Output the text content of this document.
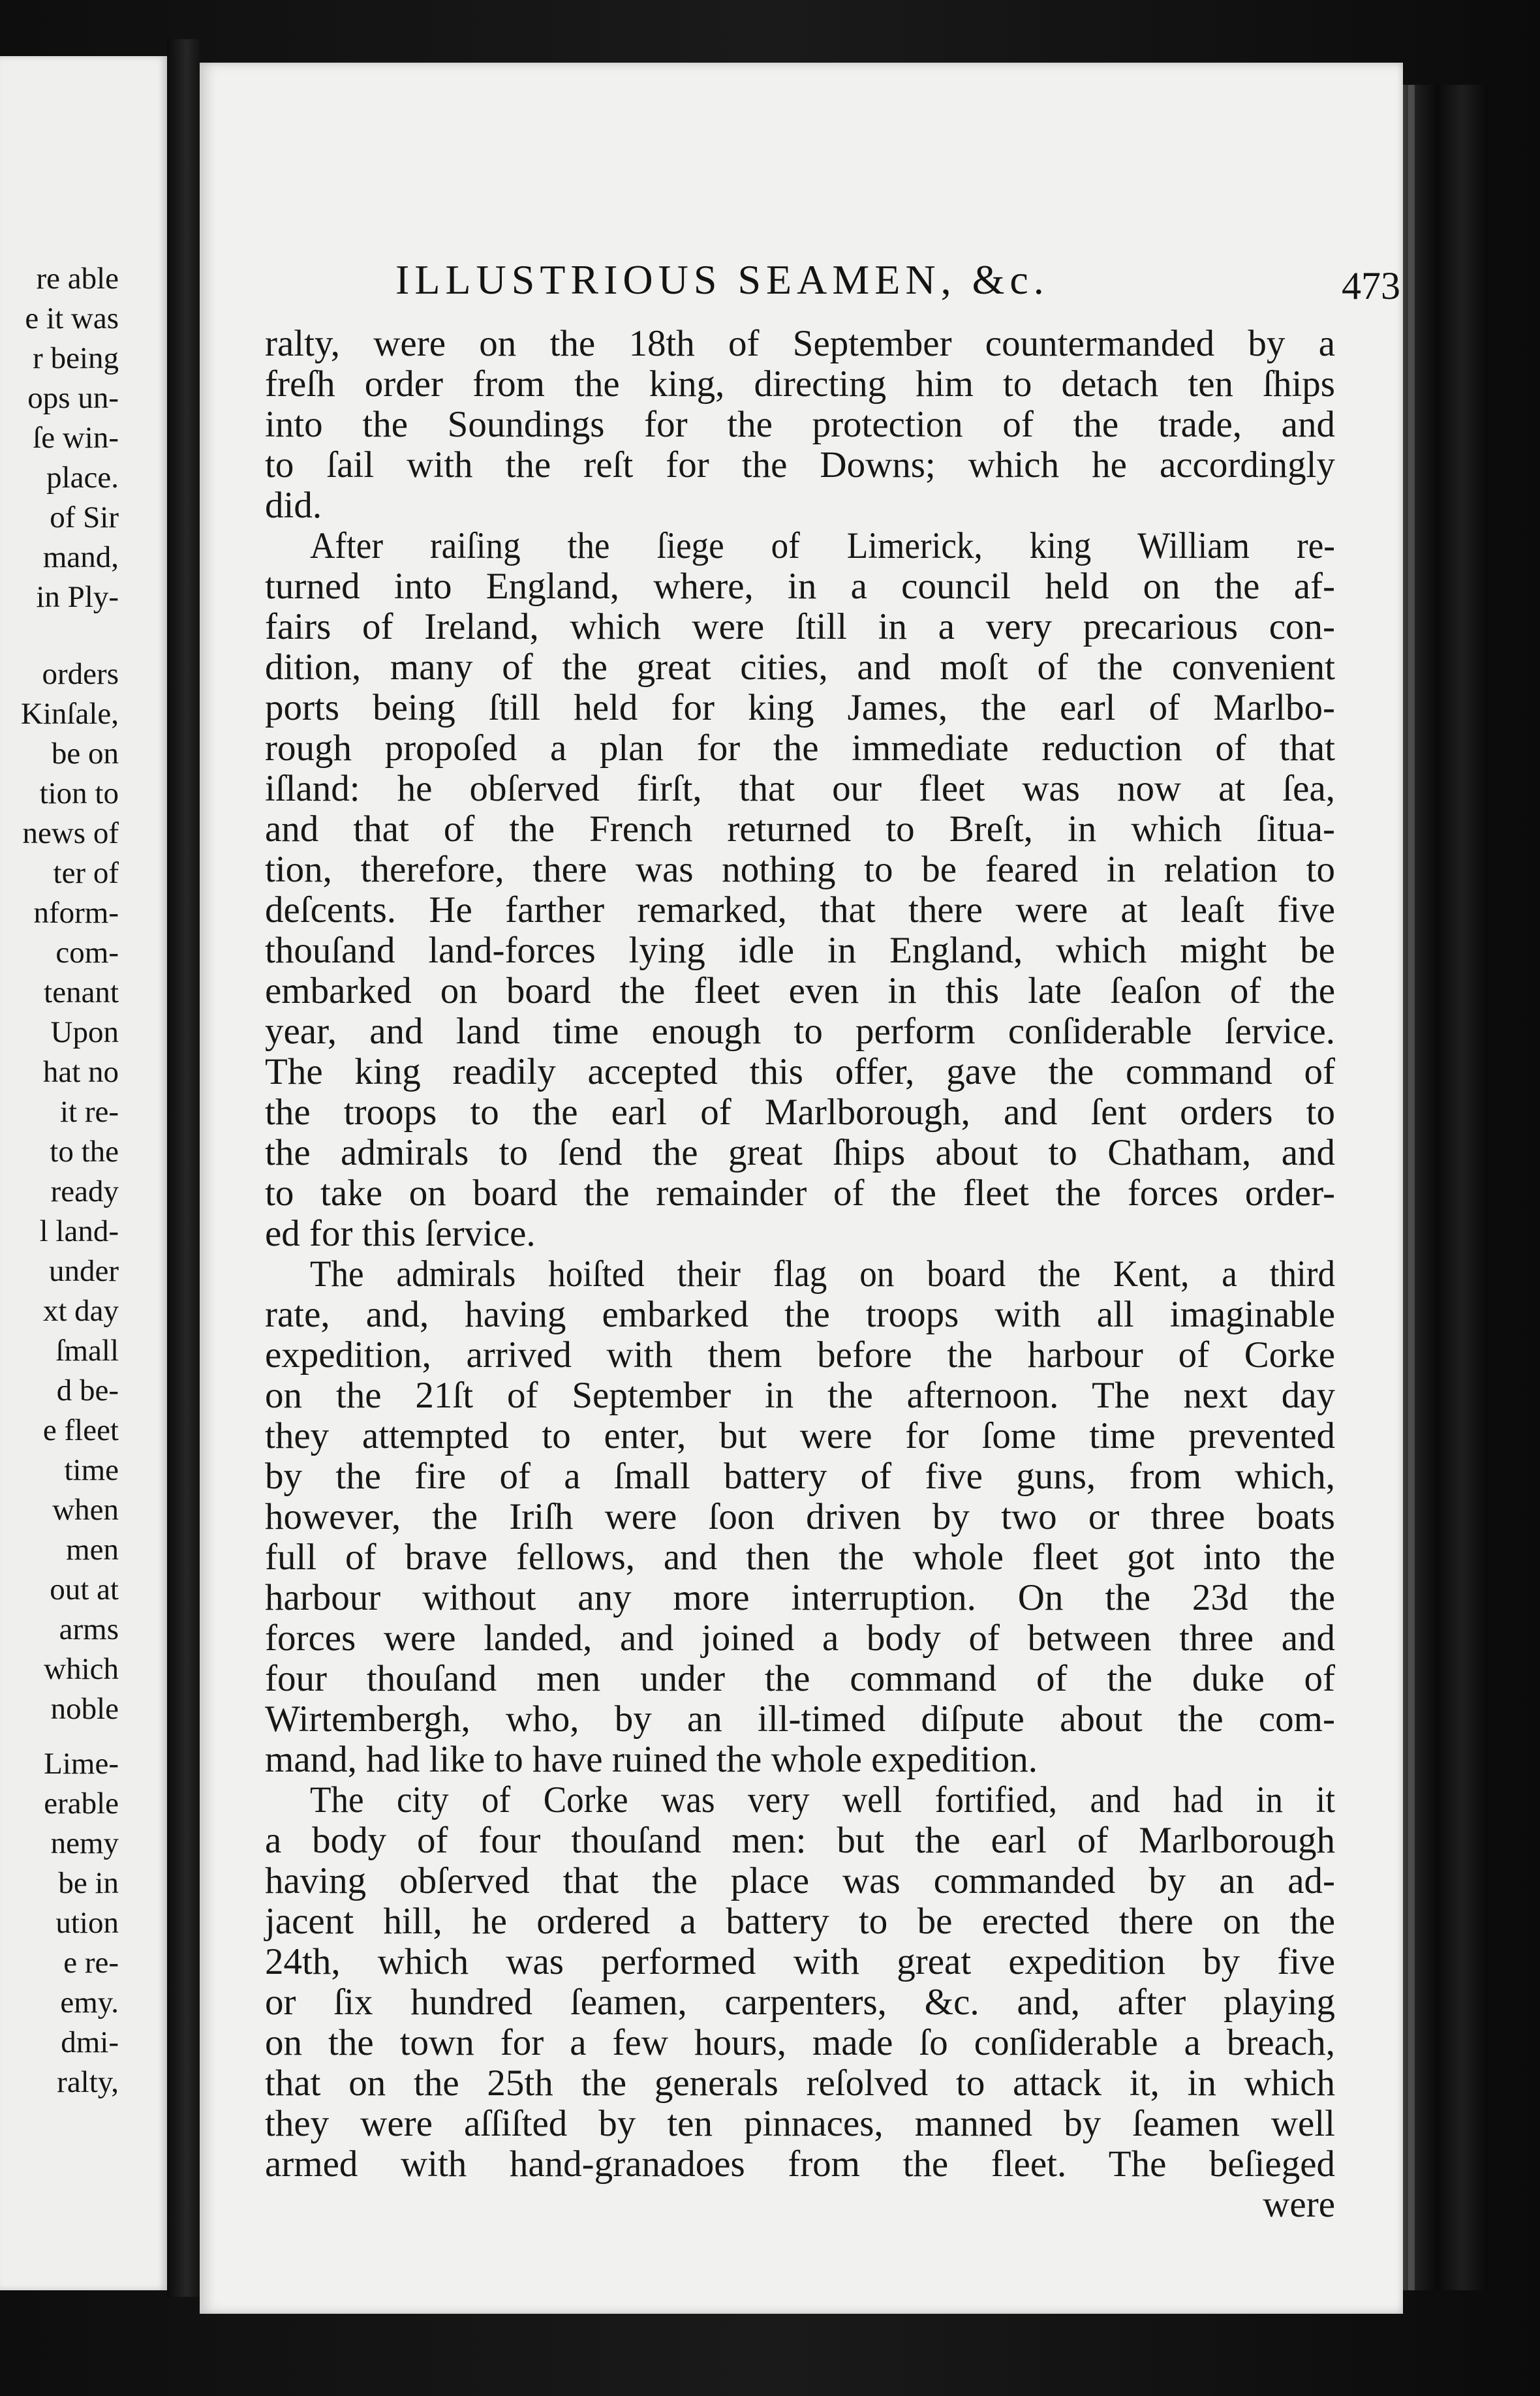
re able
e it was
r being
ops un-
ſe win-
place.
of Sir
mand,
in Ply-
orders
Kinſale,
be on
tion to
news of
ter of
nform-
com-
tenant
Upon
hat no
it re-
to the
ready
l land-
under
xt day
ſmall
d be-
e fleet
time
when
men
out at
arms
which
noble
Lime-
erable
nemy
be in
ution
e re-
emy.
dmi-
ralty,
ILLUSTRIOUS SEAMEN, &c.	473
ralty, were on the 18th of September countermanded by a
freſh order from the king, directing him to detach ten ſhips
into the Soundings for the protection of the trade, and
to ſail with the reſt for the Downs; which he accordingly
did.
After raiſing the ſiege of Limerick, king William re-
turned into England, where, in a council held on the af-
fairs of Ireland, which were ſtill in a very precarious con-
dition, many of the great cities, and moſt of the convenient
ports being ſtill held for king James, the earl of Marlbo-
rough propoſed a plan for the immediate reduction of that
iſland: he obſerved firſt, that our fleet was now at ſea,
and that of the French returned to Breſt, in which ſitua-
tion, therefore, there was nothing to be feared in relation to
deſcents. He farther remarked, that there were at leaſt five
thouſand land-forces lying idle in England, which might be
embarked on board the fleet even in this late ſeaſon of the
year, and land time enough to perform conſiderable ſervice.
The king readily accepted this offer, gave the command of
the troops to the earl of Marlborough, and ſent orders to
the admirals to ſend the great ſhips about to Chatham, and
to take on board the remainder of the fleet the forces order-
ed for this ſervice.
The admirals hoiſted their flag on board the Kent, a third
rate, and, having embarked the troops with all imaginable
expedition, arrived with them before the harbour of Corke
on the 21ſt of September in the afternoon. The next day
they attempted to enter, but were for ſome time prevented
by the fire of a ſmall battery of five guns, from which,
however, the Iriſh were ſoon driven by two or three boats
full of brave fellows, and then the whole fleet got into the
harbour without any more interruption. On the 23d the
forces were landed, and joined a body of between three and
four thouſand men under the command of the duke of
Wirtembergh, who, by an ill-timed diſpute about the com-
mand, had like to have ruined the whole expedition.
The city of Corke was very well fortified, and had in it
a body of four thouſand men: but the earl of Marlborough
having obſerved that the place was commanded by an ad-
jacent hill, he ordered a battery to be erected there on the
24th, which was performed with great expedition by five
or ſix hundred ſeamen, carpenters, &c. and, after playing
on the town for a few hours, made ſo conſiderable a breach,
that on the 25th the generals reſolved to attack it, in which
they were aſſiſted by ten pinnaces, manned by ſeamen well
armed with hand-granadoes from the fleet. The beſieged
were
